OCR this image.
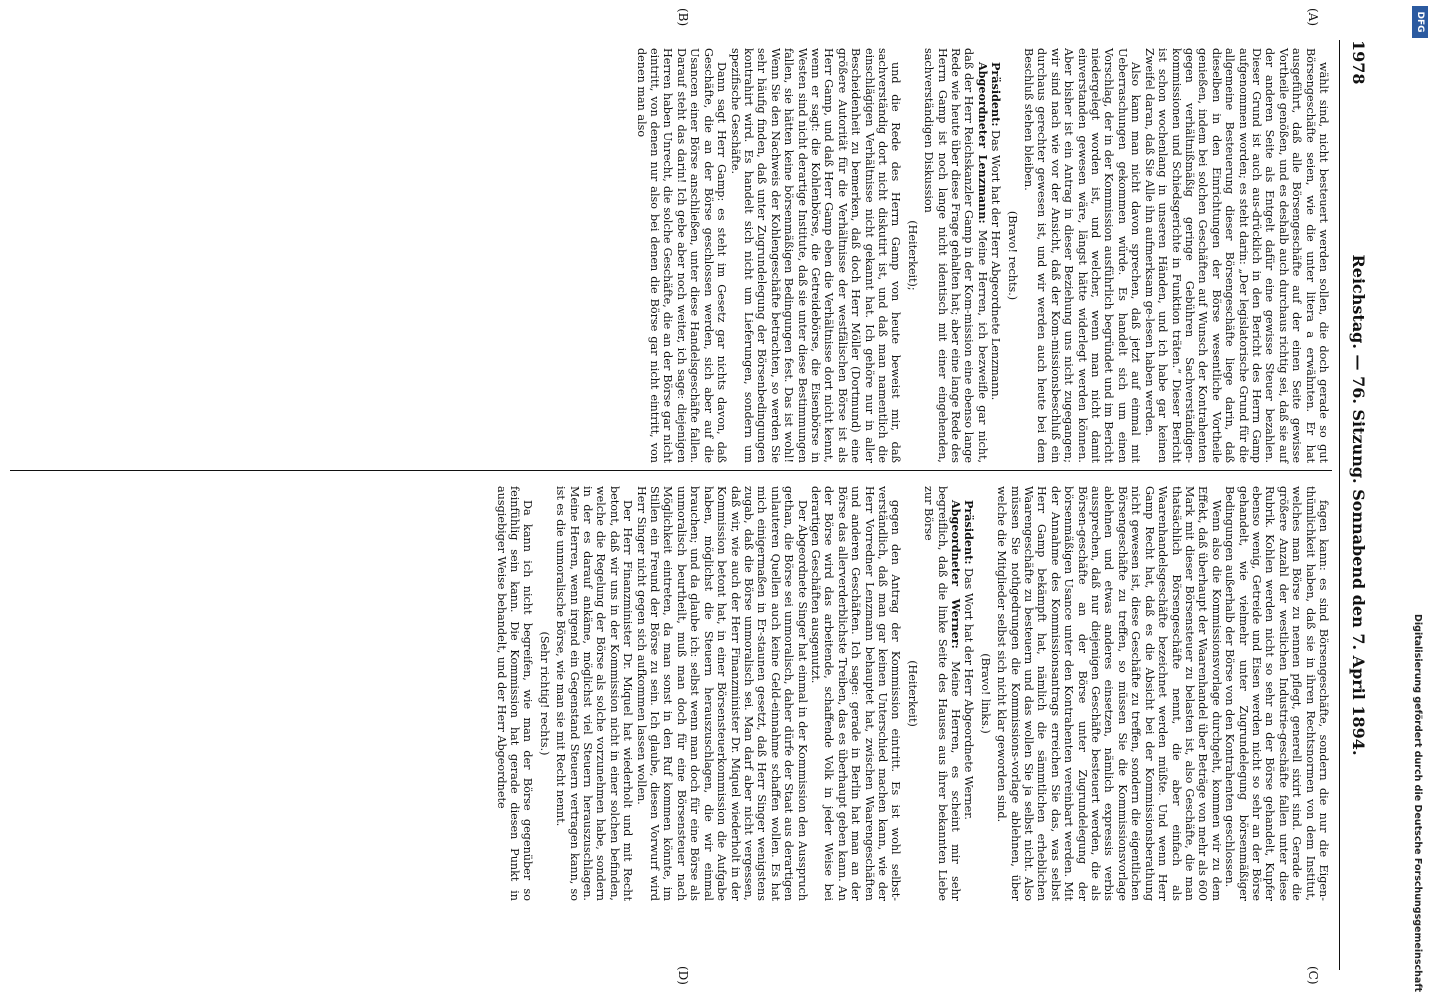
1978
Reichstag. — 76. Sitzung. Sonnabend den 7. April 1894.
(A)
(B)
(C)
(D)

wählt sind, nicht besteuert werden sollen, die doch gerade so gut Börsengeschäfte seien, wie die unter litera a erwähnten. Er hat ausgeführt, daß alle Börsengeschäfte auf der einen Seite gewisse Vortheile genößen, und es deshalb auch durchaus richtig sei, daß sie auf der anderen Seite als Entgelt dafür eine gewisse Steuer bezahlen. Dieser Grund ist auch aus-drücklich in den Bericht des Herrn Gamp aufgenommen worden; es steht darin: „Der legislatorische Grund für die allgemeine Besteuerung dieser Börsengeschäfte liege darin, daß dieselben in den Einrichtungen der Börse wesentliche Vortheile genießen, indem bei solchen Geschäften auf Wunsch der Kontrahenten gegen verhältnißmäßig geringe Gebühren Sachverständigen-kommissionen und Schiedsgerichte in Funktion träten.“ Dieser Bericht ist schon wochenlang in unseren Händen, und ich habe gar keinen Zweifel daran, daß Sie Alle ihn aufmerksam ge-lesen haben werden.

Also kann man nicht davon sprechen, daß jetzt auf einmal mit Ueberraschungen gekommen würde. Es handelt sich um einen Vorschlag, der in der Kommission ausführlich begründet und im Bericht niedergelegt worden ist, und welcher, wenn man nicht damit einverstanden gewesen wäre, längst hätte widerlegt werden können. Aber bisher ist ein Antrag in dieser Beziehung uns nicht zugegangen; wir sind nach wie vor der Ansicht, daß der Kom-missionsbeschluß ein durchaus gerechter gewesen ist, und wir werden auch heute bei dem Beschluß stehen bleiben.

(Bravo! rechts.)

Präsident: Das Wort hat der Herr Abgeordnete Lenzmann.

Abgeordneter Lenzmann: Meine Herren, ich bezweifle gar nicht, daß der Herr Reichskanzler Gamp in der Kom-mission eine ebenso lange Rede wie heute über diese Frage gehalten hat; aber eine lange Rede des Herrn Gamp ist noch lange nicht identisch mit einer eingehenden, sachverständigen Diskussion

(Heiterkeit);

und die Rede des Herrn Gamp von heute beweist mir, daß sachverständig dort nicht diskutirt ist, und daß man namentlich die einschlägigen Verhältnisse nicht gekannt hat. Ich gehöre nur in aller Bescheidenheit zu bemerken, daß doch Herr Möller (Dortmund) eine größere Autorität für die Verhältnisse der westfälischen Börse ist als Herr Gamp, und daß Herr Gamp eben die Verhältnisse dort nicht kennt, wenn er sagt: die Kohlenbörse, die Getreidebörse, die Eisenbörse in Westen sind nicht derartige Institute, daß sie unter diese Bestimmungen fallen, sie hätten keine börsenmäßigen Bedingungen fest. Das ist wohl! Wenn Sie den Nachweis der Kohlengeschäfte betrachten, so werden Sie sehr häufig finden, daß unter Zugrundelegung der Börsenbedingungen kontrahirt wird. Es handelt sich nicht um Lieferungen, sondern um spezifische Geschäfte.

Dann sagt Herr Gamp: es steht im Gesetz gar nichts davon, daß Geschäfte, die an der Börse geschlossen werden, sich aber auf die Usancen einer Börse anschließen, unter diese Handelsgeschäfte fallen. Darauf steht das darin! Ich gebe aber noch weiter, ich sage: diejenigen Herren haben Unrecht, die solche Geschäfte, die an der Börse gar nicht eintritt, von denen nur also bei denen die Börse gar nicht eintritt, von denen man also

fagen kann: es sind Börsengeschäfte, sondern die nur die Eigen-thümlichkeit haben, daß sie in ihren Rechtsnormen von dem Institut, welches man Börse zu nennen pflegt, generell sixirt sind. Gerade die größere Anzahl der westlichen Industrie-geschäfte fallen unter diese Rubrik. Kohlen werden nicht so sehr an der Börse gehandelt, Kupfer ebenso wenig, Getreide und Eisen werden nicht so sehr an der Börse gehandelt, wie vielmehr unter Zugrundelegung börsenmäßiger Bedingungen außerhalb der Börse von den Kontrahenten geschlossen.

Wenn also die Kommissionsvorlage durchgeht, kommen wir zu dem Effekt, daß überhaupt der Waarenhandel über Beträge von mehr als 600 Mark mit dieser Börsensteuer zu belasten ist, also Geschäfte, die man thatsächlich Börsengeschäfte nennt, die aber einfach als Waarenhandelsgeschäfte bezeichnet werden müßte. Und wenn Herr Gamp Recht hat, daß es die Absicht bei der Kommissionsberathung nicht gewesen ist, diese Geschäfte zu treffen, sondern die eigentlichen Börsengeschäfte zu treffen, so müssen Sie die Kommissionsvorlage ablehnen und etwas anderes einsetzen, nämlich expressis verbis aussprechen, daß nur diejenigen Geschäfte besteuert werden, die als Börsen-geschäfte an der Börse unter Zugrundelegung der börsenmäßigen Usance unter den Kontrahenten vereinbart werden. Mit der Annahme des Kommissionsantrags erreichen Sie das, was selbst Herr Gamp bekämpft hat, nämlich die sämmtlichen erheblichen Waarengeschäfte zu besteuern und das wollen Sie ja selbst nicht. Also müssen Sie nothgedrungen die Kommissions-vorlage ablehnen, über welche die Mitglieder selbst sich nicht klar geworden sind.

(Bravo! links.)

Präsident: Das Wort hat der Herr Abgeordnete Werner.

Abgeordneter Werner: Meine Herren, es scheint mir sehr begreiflich, daß die linke Seite des Hauses aus ihrer bekannten Liebe zur Börse

(Heiterkeit)

gegen den Antrag der Kommission eintritt. Es ist wohl selbst-verständlich, daß man gar keinen Unterschied machen kann, wie der Herr Vorredner Lenzmann behauptet hat, zwischen Waarengeschäften und anderen Geschäften. Ich sage: gerade in Berlin hat man an der Börse das allerverderblichste Treiben, das es überhaupt geben kann. An der Börse wird das arbeitende, schaffende Volk in jeder Weise bei derartigen Geschäften ausgenutzt.

Der Abgeordnete Singer hat einmal in der Kommission den Ausspruch gethan, die Börse sei unmoralisch, daher dürfe der Staat aus derartigen unlauteren Quellen auch keine Geld-einnahme schaffen wollen. Es hat mich einigermaßen in Er-staunen gesetzt, daß Herr Singer wenigstens zugab, daß die Börse unmoralisch sei. Man darf aber nicht vergessen, daß wir, wie auch der Herr Finanzminister Dr. Miquel wiederholt in der Kommission betont hat, in einer Börsensteuerkommission die Aufgabe haben, möglichst die Steuern herauszuschlagen, die wir einmal brauchen; und da glaube ich: selbst wenn man doch für eine Börse als unmoralisch beurtheilt, muß man doch für eine Börsensteuer nach Möglichkeit eintreten, da man sonst in den Ruf kommen könnte, im Stillen ein Freund der Börse zu sein. Ich glaube, diesen Vorwurf wird Herr Singer nicht gegen sich aufkommen lassen wollen.

Der Herr Finanzminister Dr. Miquel hat wiederholt und mit Recht betont, daß wir uns in der Kommission nicht in einer solchen befinden, welche die Regelung der Börse als solche vorzunehmen habe, sondern in der es darauf ankäme, möglichst viel Steuern herauszuschlagen. Meine Herren, wenn irgend ein Gegenstand Steuern vertragen kann, so ist es die unmoralische Börse, wie man sie mit Recht nennt.

(Sehr richtig! rechts.)

Da kann ich nicht begreifen, wie man der Börse gegenüber so feinfühlig sein kann. Die Kommission hat gerade diesen Punkt in ausgiebiger Weise behandelt, und der Herr Abgeordnete	Digitalisierung gefördert durch die Deutsche Forschungsgemeinschaft
DFG
